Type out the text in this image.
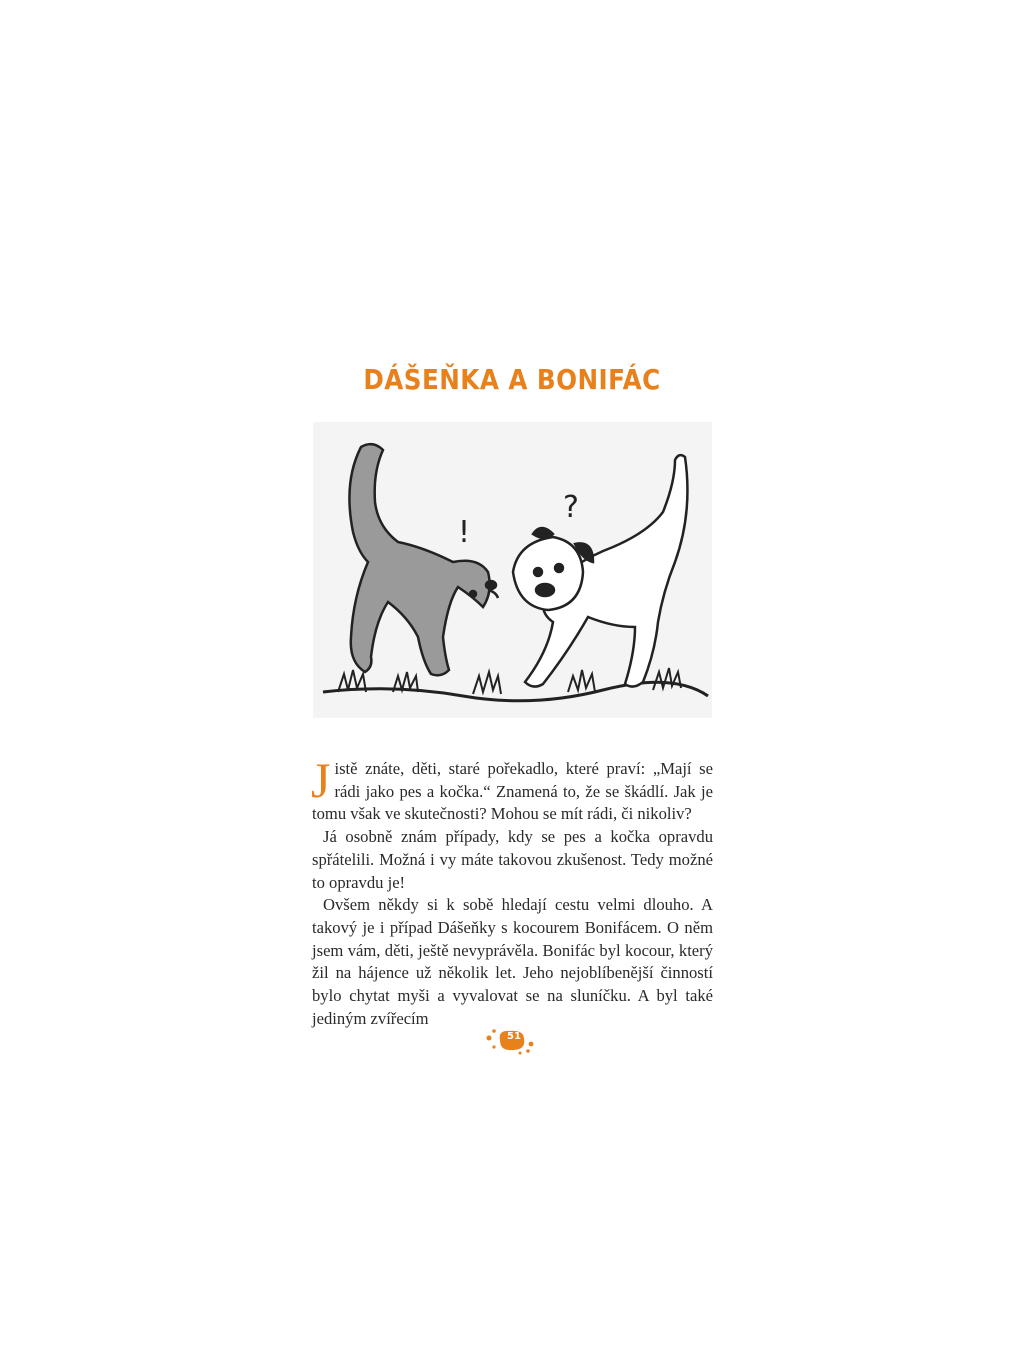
DÁŠEŇKA A BONIFÁC
!
?

Jistě znáte, děti, staré pořekadlo, které praví: „Mají se rádi jako pes a kočka.“ Znamená to, že se škádlí. Jak je tomu však ve skutečnosti? Mohou se mít rádi, či nikoliv?

Já osobně znám případy, kdy se pes a kočka opravdu spřátelili. Možná i vy máte takovou zkušenost. Tedy možné to opravdu je!

Ovšem někdy si k sobě hledají cestu velmi dlouho. A takový je i případ Dášeňky s kocourem Bonifácem. O něm jsem vám, děti, ještě nevyprávěla. Bonifác byl kocour, který žil na hájence už několik let. Jeho nejoblíbenější činností bylo chytat myši a vyvalovat se na sluníčku. A byl také jediným zvířecím

51
